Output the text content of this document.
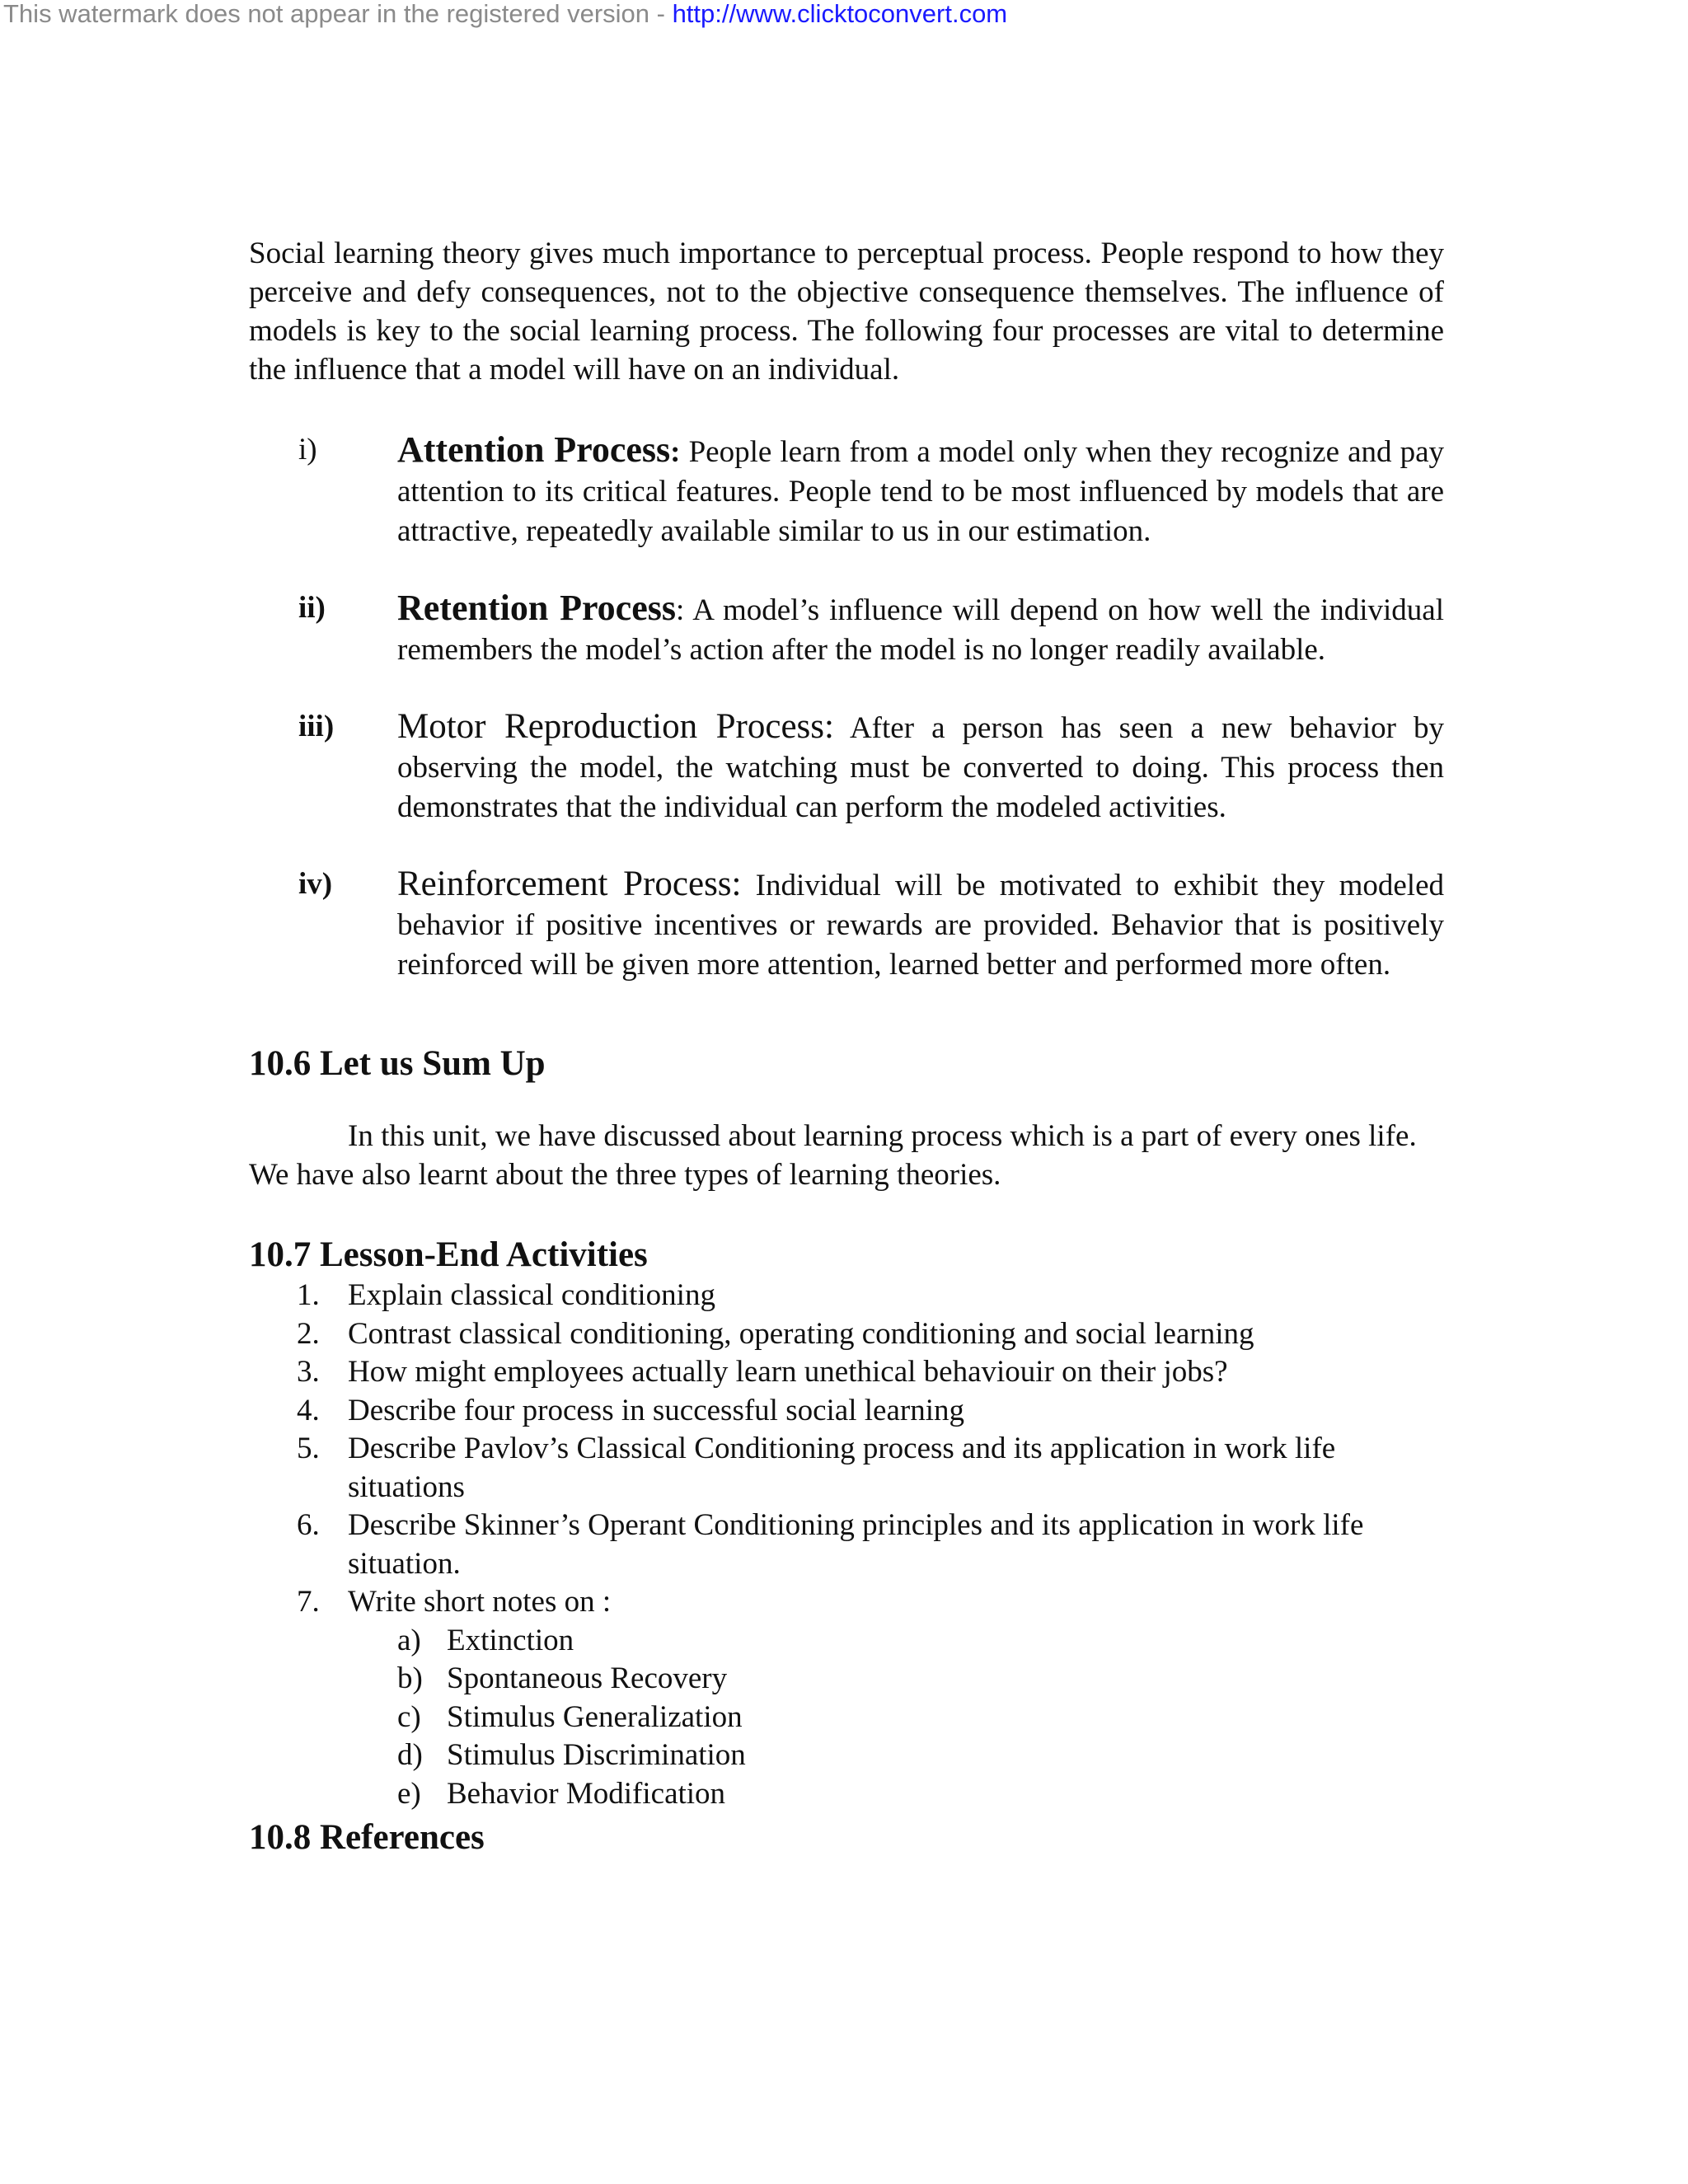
This watermark does not appear in the registered version - http://www.clicktoconvert.com

Social learning theory gives much importance to perceptual process. People respond to how they perceive and defy consequences, not to the objective consequence themselves. The influence of models is key to the social learning process. The following four processes are vital to determine the influence that a model will have on an individual.

i)	Attention Process: People learn from a model only when they recognize and pay attention to its critical features. People tend to be most influenced by models that are attractive, repeatedly available similar to us in our estimation.
ii)	Retention Process: A model’s influence will depend on how well the individual remembers the model’s action after the model is no longer readily available.
iii)	Motor Reproduction Process: After a person has seen a new behavior by observing the model, the watching must be converted to doing. This process then demonstrates that the individual can perform the modeled activities.
iv)	Reinforcement Process: Individual will be motivated to exhibit they modeled behavior if positive incentives or rewards are provided. Behavior that is positively reinforced will be given more attention, learned better and performed more often.
10.6 Let us Sum Up

In this unit, we have discussed about learning process which is a part of every ones life. We have also learnt about the three types of learning theories.

10.7 Lesson-End Activities
1. Explain classical conditioning
2. Contrast classical conditioning, operating conditioning and social learning
3. How might employees actually learn unethical behaviouir on their jobs?
4. Describe four process in successful social learning
5. Describe Pavlov’s Classical Conditioning process and its application in work life situations
6. Describe Skinner’s Operant Conditioning principles and its application in work life situation.
7. Write short notes on :
a) Extinction
b) Spontaneous Recovery
c) Stimulus Generalization
d) Stimulus Discrimination
e) Behavior Modification
10.8 References
